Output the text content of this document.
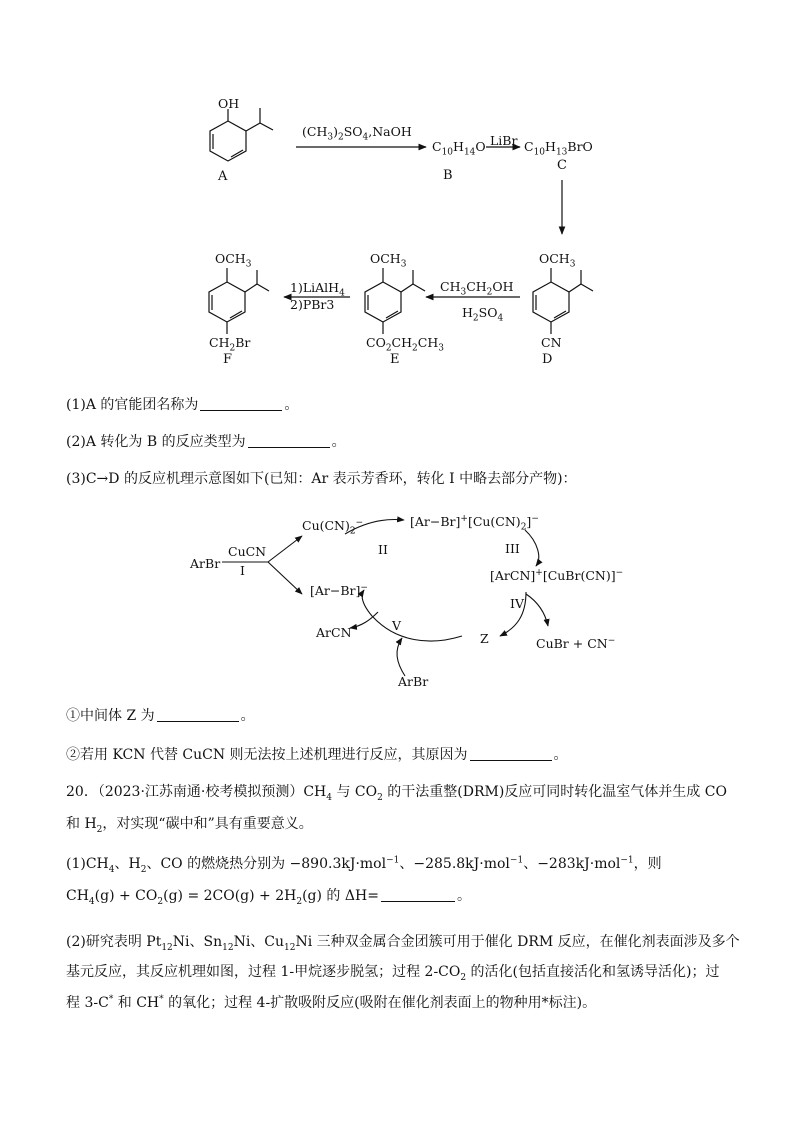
OH
A
$(CH_3)_2SO_4,NaOH$
$C_{10}H_{14}O$
B
LiBr $C_{10}H_{13}BrO$
C
$OCH_3$
CN
D
$CH_3CH_2OH$
$H_2SO_4$
$OCH_3$
$CO_2CH_2CH_3$
E
1)LiAlH$_4$
2)PBr3
$OCH_3$
$CH_2Br$
F
(1)A 的官能团名称为	。
(2)A 转化为 B 的反应类型为	。
(3)C→D 的反应机理示意图如下(已知：Ar 表示芳香环，转化 I 中略去部分产物)：
ArBr
CuCN
I
$Cu(CN)_2^-$
II
$[Ar-Br]^+[Cu(CN)_2]^-$
III
[ArCN]+[CuBr(CN)]−
IV
[Ar−Br]−
Z	CuBr + CN−
V
ArCN
ArBr
①中间体 Z 为	。
②若用 KCN 代替 CuCN 则无法按上述机理进行反应，其原因为	。
20．（2023·江苏南通·校考模拟预测）$CH_4$ 与 $CO_2$ 的干法重整(DRM)反应可同时转化温室气体并生成 CO
和 $H_2$，对实现“碳中和”具有重要意义。
$(1)CH_4$、$H_2$、CO 的燃烧热分别为 −890.3kJ·mol$^{-1}$、−285.8kJ·mol$^{-1}$、−283kJ·mol$^{-1}$，则
$CH_4(g) + CO_2(g) = 2CO(g) + 2H_2(g)$ 的 ΔH=	。
(2)研究表明 $Pt_{12}Ni$、$Sn_{12}Ni$、$Cu_{12}Ni$ 三种双金属合金团簇可用于催化 DRM 反应，在催化剂表面涉及多个
基元反应，其反应机理如图，过程 1-甲烷逐步脱氢；过程 $2-CO_2$ 的活化(包括直接活化和氢诱导活化)；过
程 3-C* 和 CH* 的氧化；过程 4-扩散吸附反应(吸附在催化剂表面上的物种用*标注)。
